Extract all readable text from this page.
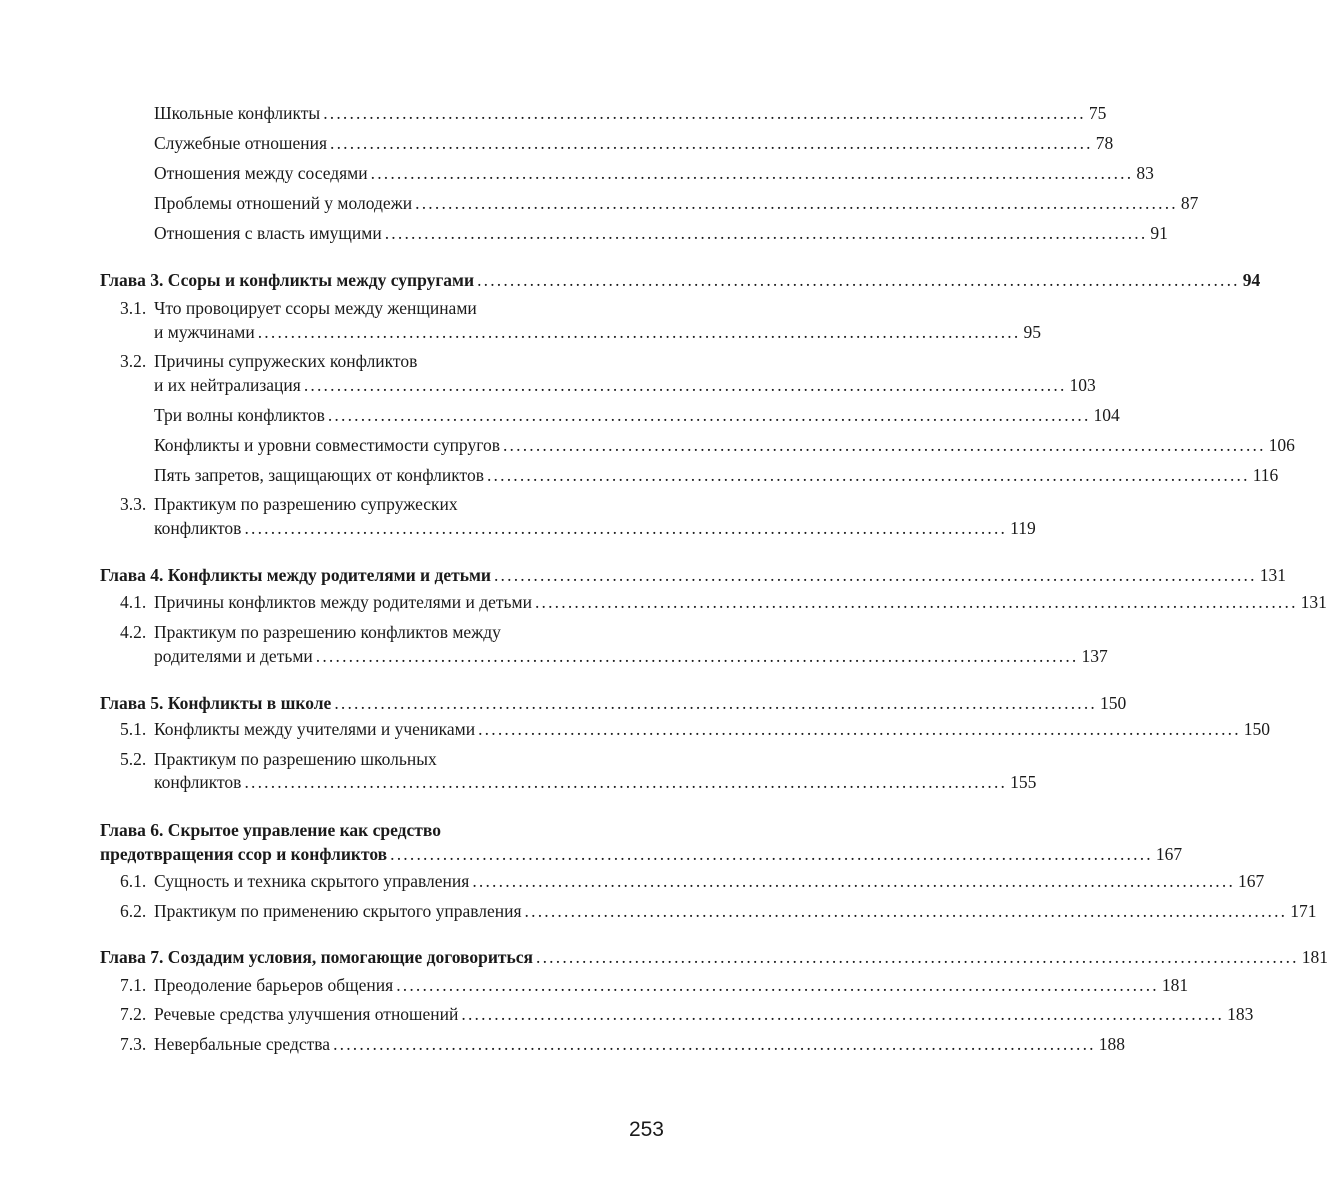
Школьные конфликты .................................................................................................................... 75
Служебные отношения .................................................................................................................... 78
Отношения между соседями .................................................................................................................... 83
Проблемы отношений у молодежи .................................................................................................................... 87
Отношения с власть имущими .................................................................................................................... 91
Глава 3. Ссоры и конфликты между супругами .................................................................................................................... 94
3.1. Что провоцирует ссоры между женщинами
и мужчинами .................................................................................................................... 95
3.2. Причины супружеских конфликтов
и их нейтрализация .................................................................................................................... 103
Три волны конфликтов .................................................................................................................... 104
Конфликты и уровни совместимости супругов .................................................................................................................... 106
Пять запретов, защищающих от конфликтов .................................................................................................................... 116
3.3. Практикум по разрешению супружеских
конфликтов .................................................................................................................... 119
Глава 4. Конфликты между родителями и детьми .................................................................................................................... 131
4.1. Причины конфликтов между родителями и детьми .................................................................................................................... 131
4.2. Практикум по разрешению конфликтов между
родителями и детьми .................................................................................................................... 137
Глава 5. Конфликты в школе .................................................................................................................... 150
5.1. Конфликты между учителями и учениками .................................................................................................................... 150
5.2. Практикум по разрешению школьных
конфликтов .................................................................................................................... 155
Глава 6. Скрытое управление как средство
предотвращения ссор и конфликтов .................................................................................................................... 167
6.1. Сущность и техника скрытого управления .................................................................................................................... 167
6.2. Практикум по применению скрытого управления .................................................................................................................... 171
Глава 7. Создадим условия, помогающие договориться .................................................................................................................... 181
7.1. Преодоление барьеров общения .................................................................................................................... 181
7.2. Речевые средства улучшения отношений .................................................................................................................... 183
7.3. Невербальные средства .................................................................................................................... 188
253
